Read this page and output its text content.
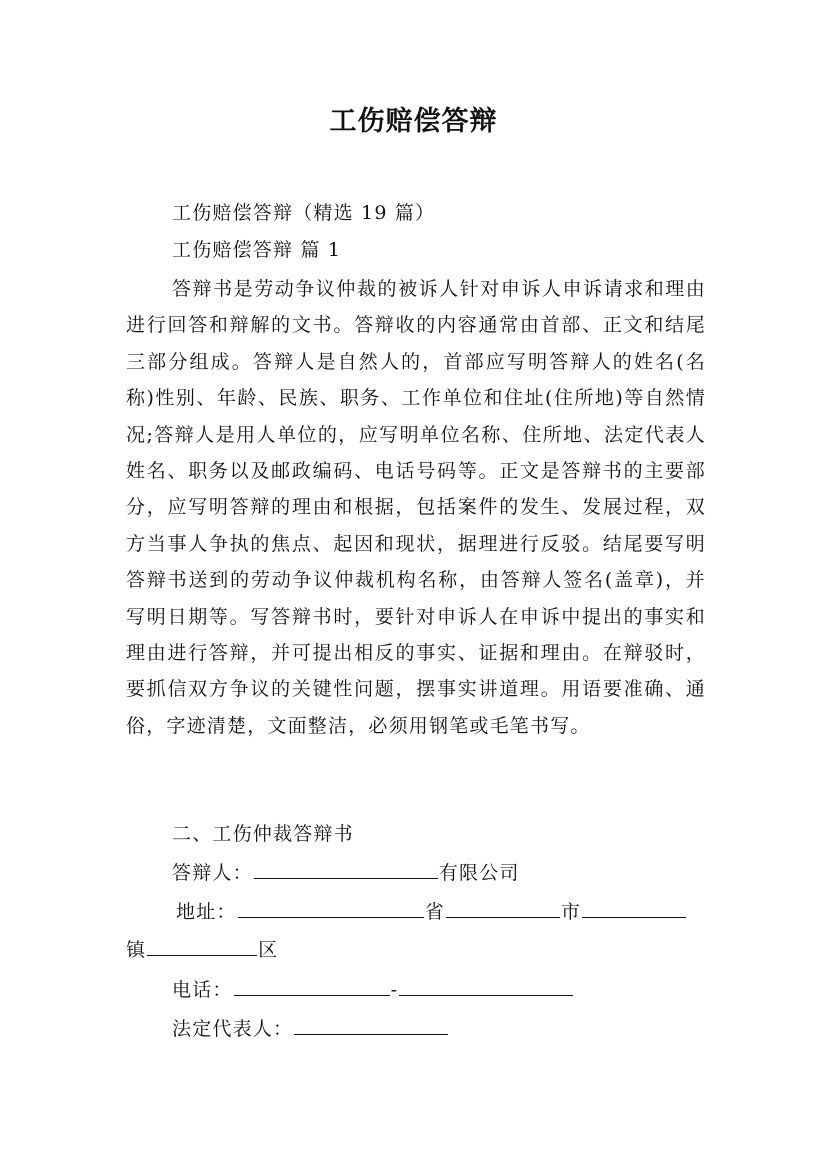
工伤赔偿答辩
工伤赔偿答辩（精选 19 篇）
工伤赔偿答辩 篇 1
答辩书是劳动争议仲裁的被诉人针对申诉人申诉请求和理由进行回答和辩解的文书。答辩收的内容通常由首部、正文和结尾三部分组成。答辩人是自然人的，首部应写明答辩人的姓名(名称)性别、年龄、民族、职务、工作单位和住址(住所地)等自然情况;答辩人是用人单位的，应写明单位名称、住所地、法定代表人姓名、职务以及邮政编码、电话号码等。正文是答辩书的主要部分，应写明答辩的理由和根据，包括案件的发生、发展过程，双方当事人争执的焦点、起因和现状，据理进行反驳。结尾要写明答辩书送到的劳动争议仲裁机构名称，由答辩人签名(盖章)，并写明日期等。写答辩书时，要针对申诉人在申诉中提出的事实和理由进行答辩，并可提出相反的事实、证据和理由。在辩驳时，要抓信双方争议的关键性问题，摆事实讲道理。用语要准确、通俗，字迹清楚，文面整洁，必须用钢笔或毛笔书写。
二、工伤仲裁答辩书
答辩人：	有限公司
地址：	省	市
镇	区
电话：	-
法定代表人：
